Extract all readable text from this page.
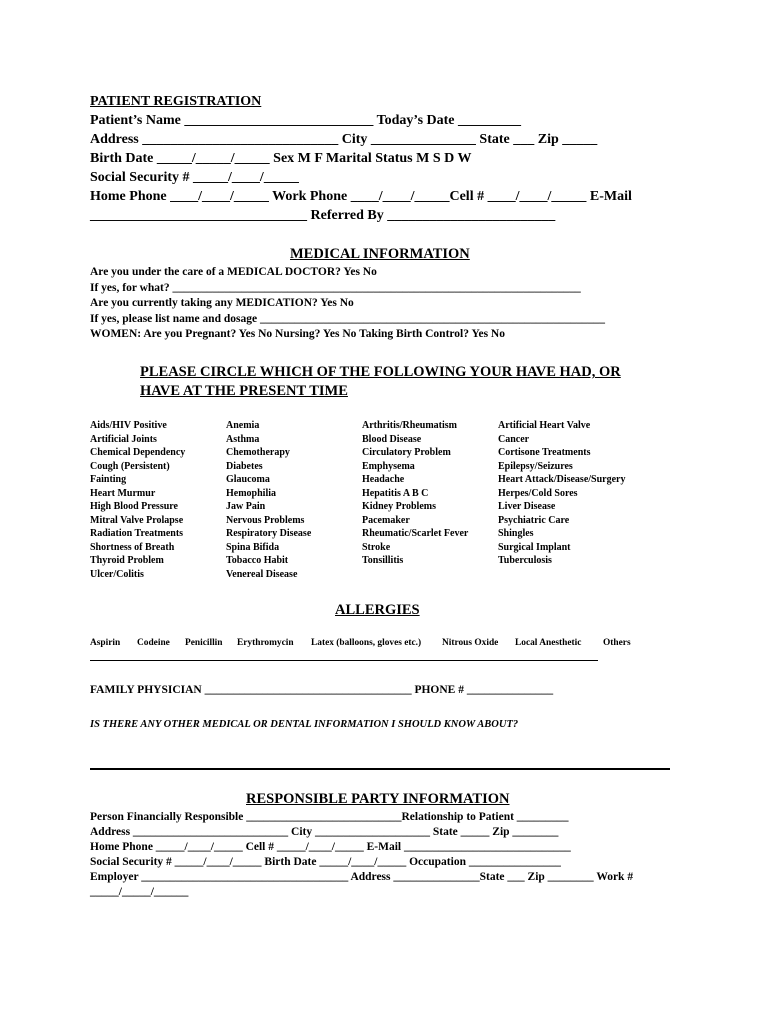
PATIENT REGISTRATION
Patient’s Name ___________________________ Today’s Date _________
Address ____________________________ City _______________ State ___ Zip _____
Birth Date _____/_____/_____ Sex M F Marital Status M S D W
Social Security # _____/____/_____
Home Phone ____/____/_____ Work Phone ____/____/_____Cell # ____/____/_____ E-Mail
_______________________________ Referred By ________________________
MEDICAL INFORMATION
Are you under the care of a MEDICAL DOCTOR? Yes No
If yes, for what? _______________________________________________________________________
Are you currently taking any MEDICATION? Yes No
If yes, please list name and dosage ____________________________________________________________
WOMEN: Are you Pregnant? Yes No Nursing? Yes No Taking Birth Control? Yes No
PLEASE CIRCLE WHICH OF THE FOLLOWING YOUR HAVE HAD, OR
HAVE AT THE PRESENT TIME
Aids/HIV Positive
Artificial Joints
Chemical Dependency
Cough (Persistent)
Fainting
Heart Murmur
High Blood Pressure
Mitral Valve Prolapse
Radiation Treatments
Shortness of Breath
Thyroid Problem
Ulcer/Colitis
Anemia
Asthma
Chemotherapy
Diabetes
Glaucoma
Hemophilia
Jaw Pain
Nervous Problems
Respiratory Disease
Spina Bifida
Tobacco Habit
Venereal Disease
Arthritis/Rheumatism
Blood Disease
Circulatory Problem
Emphysema
Headache
Hepatitis A B C
Kidney Problems
Pacemaker
Rheumatic/Scarlet Fever
Stroke
Tonsillitis
Artificial Heart Valve
Cancer
Cortisone Treatments
Epilepsy/Seizures
Heart Attack/Disease/Surgery
Herpes/Cold Sores
Liver Disease
Psychiatric Care
Shingles
Surgical Implant
Tuberculosis
ALLERGIES
Aspirin Codeine Penicillin Erythromycin Latex (balloons, gloves etc.) Nitrous Oxide Local Anesthetic Others
FAMILY PHYSICIAN ____________________________________ PHONE # _______________
IS THERE ANY OTHER MEDICAL OR DENTAL INFORMATION I SHOULD KNOW ABOUT?
RESPONSIBLE PARTY INFORMATION
Person Financially Responsible ___________________________Relationship to Patient _________
Address ___________________________ City ____________________ State _____ Zip ________
Home Phone _____/____/_____ Cell # _____/____/_____ E-Mail _____________________________
Social Security # _____/____/_____ Birth Date _____/____/_____ Occupation ________________
Employer ____________________________________ Address _______________State ___ Zip ________ Work #
_____/_____/______
